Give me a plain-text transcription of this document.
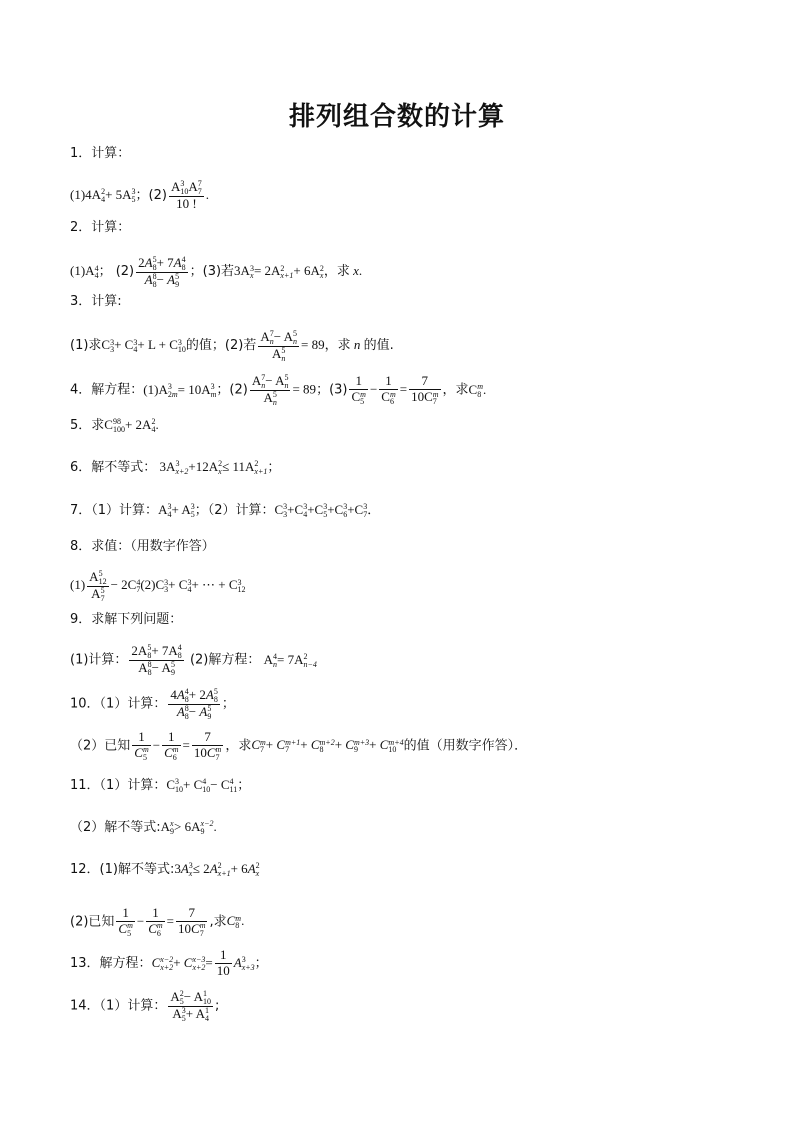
排列组合数的计算
1．计算：
(1)4A 2
4 + 5A 3
5 ；(2) A 3
10 A 7
7
10 ! .
2．计算：
(1)A 4
4 ； (2) 2A 5
8 + 7A 4
8
A 8
8 − A 5
9 ；(3)若3A 3
x = 2A 2
x+1 + 6A 2
x ，求 x.
3．计算:
(1)求C 3
3 + C 3
4 + L + C 3
10 的值；(2)若 A 7
n − A 5
n
A 5
n = 89，求 n 的值.
4．解方程：(1)A 3
2m = 10A 3
m ；(2) A 7
n − A 5
n
A 5
n = 89；(3) 1
C m
5 − 1
C m
6 = 7
10C m
7 ，求C m
8 .
5．求C 98
100 + 2A 2
4 .
6．解不等式： 3A 3
x+2 +12A 2
x ≤ 11A 2
x+1 ；
7．（1）计算：A 3
4 + A 3
5 ；（2）计算：C 3
3 +C 3
4 +C 3
5 +C 3
6 +C 3
7 ．
8．求值：（用数字作答）
(1) A 5
12
A 5
7 − 2C 4
7 (2)C 3
3 + C 3
4 + ⋯ + C 3
12
9．求解下列问题：
(1)计算： 2A 5
8 + 7A 4
8
A 8
8 − A 5
9 (2)解方程： A 4
n = 7A 2
n−4
10．（1）计算： 4A 4
8 + 2A 5
8
A 8
8 − A 5
9 ；
（2）已知 1
C m
5 − 1
C m
6 = 7
10C m
7 ，求C m
7 + C m+1
7 + C m+2
8 + C m+3
9 + C m+4
10 的值（用数字作答）．
11．（1）计算：C 3
10 + C 4
10 − C 4
11 ；
（2）解不等式:A x
9 > 6A x−2
9 .
12．(1)解不等式:3A 3
x ≤ 2A 2
x+1 + 6A 2
x
(2)已知 1
C m
5 − 1
C m
6 = 7
10C m
7 ,求C m
8 .
13．解方程：C x−2
x+2 + C x−3
$x+2 = \frac{1}{10}$ A 3
x+3 ；
14．（1）计算： A 2
5 − A 1
10
A 3
5 + A 1
4 ;
